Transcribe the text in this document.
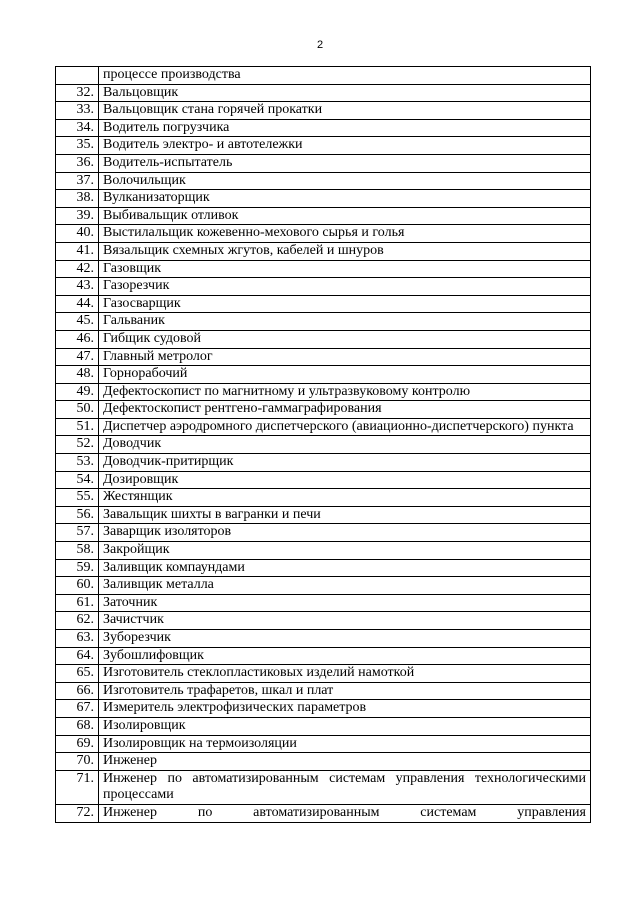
2
	процессе производства
32.	Вальцовщик
33.	Вальцовщик стана горячей прокатки
34.	Водитель погрузчика
35.	Водитель электро- и автотележки
36.	Водитель-испытатель
37.	Волочильщик
38.	Вулканизаторщик
39.	Выбивальщик отливок
40.	Выстилальщик кожевенно-мехового сырья и голья
41.	Вязальщик схемных жгутов, кабелей и шнуров
42.	Газовщик
43.	Газорезчик
44.	Газосварщик
45.	Гальваник
46.	Гибщик судовой
47.	Главный метролог
48.	Горнорабочий
49.	Дефектоскопист по магнитному и ультразвуковому контролю
50.	Дефектоскопист рентгено-гаммаграфирования
51.	Диспетчер аэродромного диспетчерского (авиационно-диспетчерского) пункта
52.	Доводчик
53.	Доводчик-притирщик
54.	Дозировщик
55.	Жестянщик
56.	Завальщик шихты в вагранки и печи
57.	Заварщик изоляторов
58.	Закройщик
59.	Заливщик компаундами
60.	Заливщик металла
61.	Заточник
62.	Зачистчик
63.	Зуборезчик
64.	Зубошлифовщик
65.	Изготовитель стеклопластиковых изделий намоткой
66.	Изготовитель трафаретов, шкал и плат
67.	Измеритель электрофизических параметров
68.	Изолировщик
69.	Изолировщик на термоизоляции
70.	Инженер
71.	Инженер по автоматизированным системам управления технологическими процессами
72.	Инженер по автоматизированным системам управления
